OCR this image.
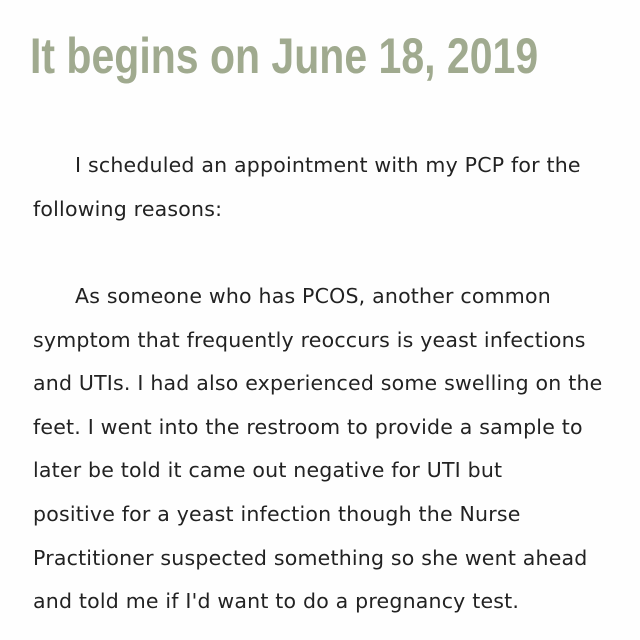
It begins on June 18, 2019
I scheduled an appointment with my PCP for the
following reasons:
As someone who has PCOS, another common
symptom that frequently reoccurs is yeast infections
and UTIs. I had also experienced some swelling on the
feet. I went into the restroom to provide a sample to
later be told it came out negative for UTI but
positive for a yeast infection though the Nurse
Practitioner suspected something so she went ahead
and told me if I'd want to do a pregnancy test.
